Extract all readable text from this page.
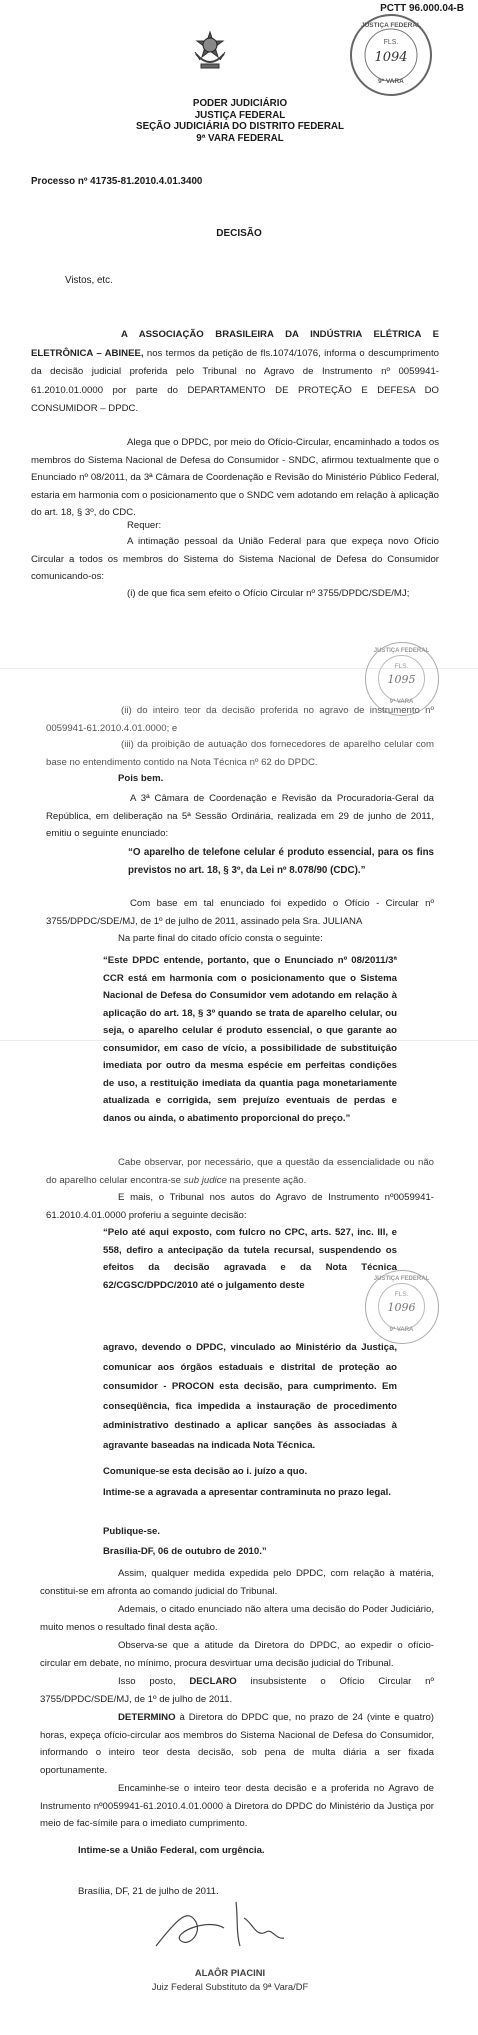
PCTT 96.000.04-B
JUSTIÇA FEDERAL
FLS.
1094
9ª VARA
PODER JUDICIÁRIO
JUSTIÇA FEDERAL
SEÇÃO JUDICIÁRIA DO DISTRITO FEDERAL
9ª VARA FEDERAL
Processo nº 41735-81.2010.4.01.3400
DECISÃO
Vistos, etc.
A ASSOCIAÇÃO BRASILEIRA DA INDÚSTRIA ELÉTRICA E ELETRÔNICA – ABINEE, nos termos da petição de fls.1074/1076, informa o descumprimento da decisão judicial proferida pelo Tribunal no Agravo de Instrumento nº 0059941-61.2010.01.0000 por parte do DEPARTAMENTO DE PROTEÇÃO E DEFESA DO CONSUMIDOR – DPDC.
Alega que o DPDC, por meio do Ofício-Circular, encaminhado a todos os membros do Sistema Nacional de Defesa do Consumidor - SNDC, afirmou textualmente que o Enunciado nº 08/2011, da 3ª Câmara de Coordenação e Revisão do Ministério Público Federal, estaria em harmonia com o posicionamento que o SNDC vem adotando em relação à aplicação do art. 18, § 3º, do CDC.
Requer:
A intimação pessoal da União Federal para que expeça novo Ofício Circular a todos os membros do Sistema do Sistema Nacional de Defesa do Consumidor comunicando-os:
(i) de que fica sem efeito o Ofício Circular nº 3755/DPDC/SDE/MJ;
JUSTIÇA FEDERAL
FLS.
1095
9ª VARA
(ii) do inteiro teor da decisão proferida no agravo de instrumento nº 0059941-61.2010.4.01.0000; e
(iii) da proibição de autuação dos fornecedores de aparelho celular com base no entendimento contido na Nota Técnica nº 62 do DPDC.
Pois bem.
A 3ª Câmara de Coordenação e Revisão da Procuradoria-Geral da República, em deliberação na 5ª Sessão Ordinária, realizada em 29 de junho de 2011, emitiu o seguinte enunciado:
“O aparelho de telefone celular é produto essencial, para os fins previstos no art. 18, § 3º, da Lei nº 8.078/90 (CDC).”
Com base em tal enunciado foi expedido o Ofício - Circular nº 3755/DPDC/SDE/MJ, de 1º de julho de 2011, assinado pela Sra. JULIANA
Na parte final do citado ofício consta o seguinte:
“Este DPDC entende, portanto, que o Enunciado nº 08/2011/3ª CCR está em harmonia com o posicionamento que o Sistema Nacional de Defesa do Consumidor vem adotando em relação à aplicação do art. 18, § 3º quando se trata de aparelho celular, ou seja, o aparelho celular é produto essencial, o que garante ao consumidor, em caso de vício, a possibilidade de substituição imediata por outro da mesma espécie em perfeitas condições de uso, a restituição imediata da quantia paga monetariamente atualizada e corrigida, sem prejuízo eventuais de perdas e danos ou ainda, o abatimento proporcional do preço.”
Cabe observar, por necessário, que a questão da essencialidade ou não do aparelho celular encontra-se sub judice na presente ação.
E mais, o Tribunal nos autos do Agravo de Instrumento nº0059941-61.2010.4.01.0000 proferiu a seguinte decisão:
“Pelo até aqui exposto, com fulcro no CPC, arts. 527, inc. III, e 558, defiro a antecipação da tutela recursal, suspendendo os efeitos da decisão agravada e da Nota Técnica 62/CGSC/DPDC/2010 até o julgamento deste
JUSTIÇA FEDERAL
FLS.
1096
9ª VARA
agravo, devendo o DPDC, vinculado ao Ministério da Justiça, comunicar aos órgãos estaduais e distrital de proteção ao consumidor - PROCON esta decisão, para cumprimento. Em conseqüência, fica impedida a instauração de procedimento administrativo destinado a aplicar sanções às associadas à agravante baseadas na indicada Nota Técnica.
Comunique-se esta decisão ao i. juízo a quo.
Intime-se a agravada a apresentar contraminuta no prazo legal.
Publique-se.
Brasília-DF, 06 de outubro de 2010.”
Assim, qualquer medida expedida pelo DPDC, com relação à matéria, constitui-se em afronta ao comando judicial do Tribunal.
Ademais, o citado enunciado não altera uma decisão do Poder Judiciário, muito menos o resultado final desta ação.
Observa-se que a atitude da Diretora do DPDC, ao expedir o ofício-circular em debate, no mínimo, procura desvirtuar uma decisão judicial do Tribunal.
Isso posto, DECLARO insubsistente o Ofício Circular nº 3755/DPDC/SDE/MJ, de 1º de julho de 2011.
DETERMINO à Diretora do DPDC que, no prazo de 24 (vinte e quatro) horas, expeça ofício-circular aos membros do Sistema Nacional de Defesa do Consumidor, informando o inteiro teor desta decisão, sob pena de multa diária a ser fixada oportunamente.
Encaminhe-se o inteiro teor desta decisão e a proferida no Agravo de Instrumento nº0059941-61.2010.4.01.0000 à Diretora do DPDC do Ministério da Justiça por meio de fac-símile para o imediato cumprimento.
Intime-se a União Federal, com urgência.
Brasília, DF, 21 de julho de 2011.
ALAÔR PIACINI
Juiz Federal Substituto da 9ª Vara/DF
